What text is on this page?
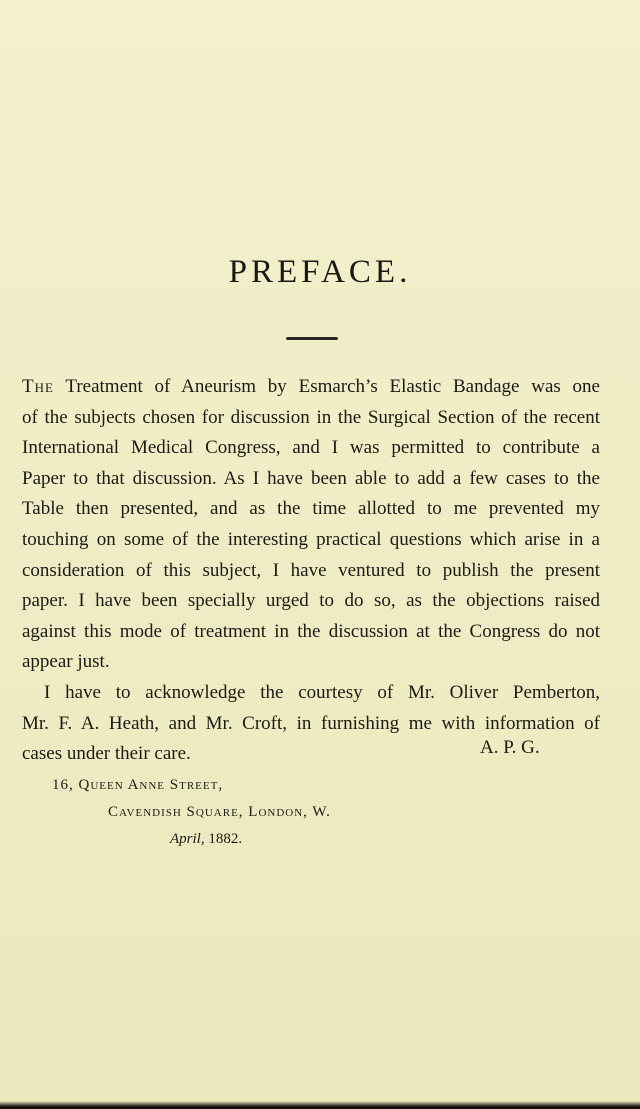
PREFACE.
The Treatment of Aneurism by Esmarch’s Elastic Bandage was one
of the subjects chosen for discussion in the Surgical Section of the recent
International Medical Congress, and I was permitted to contribute a
Paper to that discussion. As I have been able to add a few cases to the
Table then presented, and as the time allotted to me prevented my
touching on some of the interesting practical questions which arise in a
consideration of this subject, I have ventured to publish the present
paper. I have been specially urged to do so, as the objections raised
against this mode of treatment in the discussion at the Congress do not
appear just.
I have to acknowledge the courtesy of Mr. Oliver Pemberton,
Mr. F. A. Heath, and Mr. Croft, in furnishing me with information of
cases under their care.	A. P. G.
16, Queen Anne Street,
Cavendish Square, London, W.
April, 1882.
